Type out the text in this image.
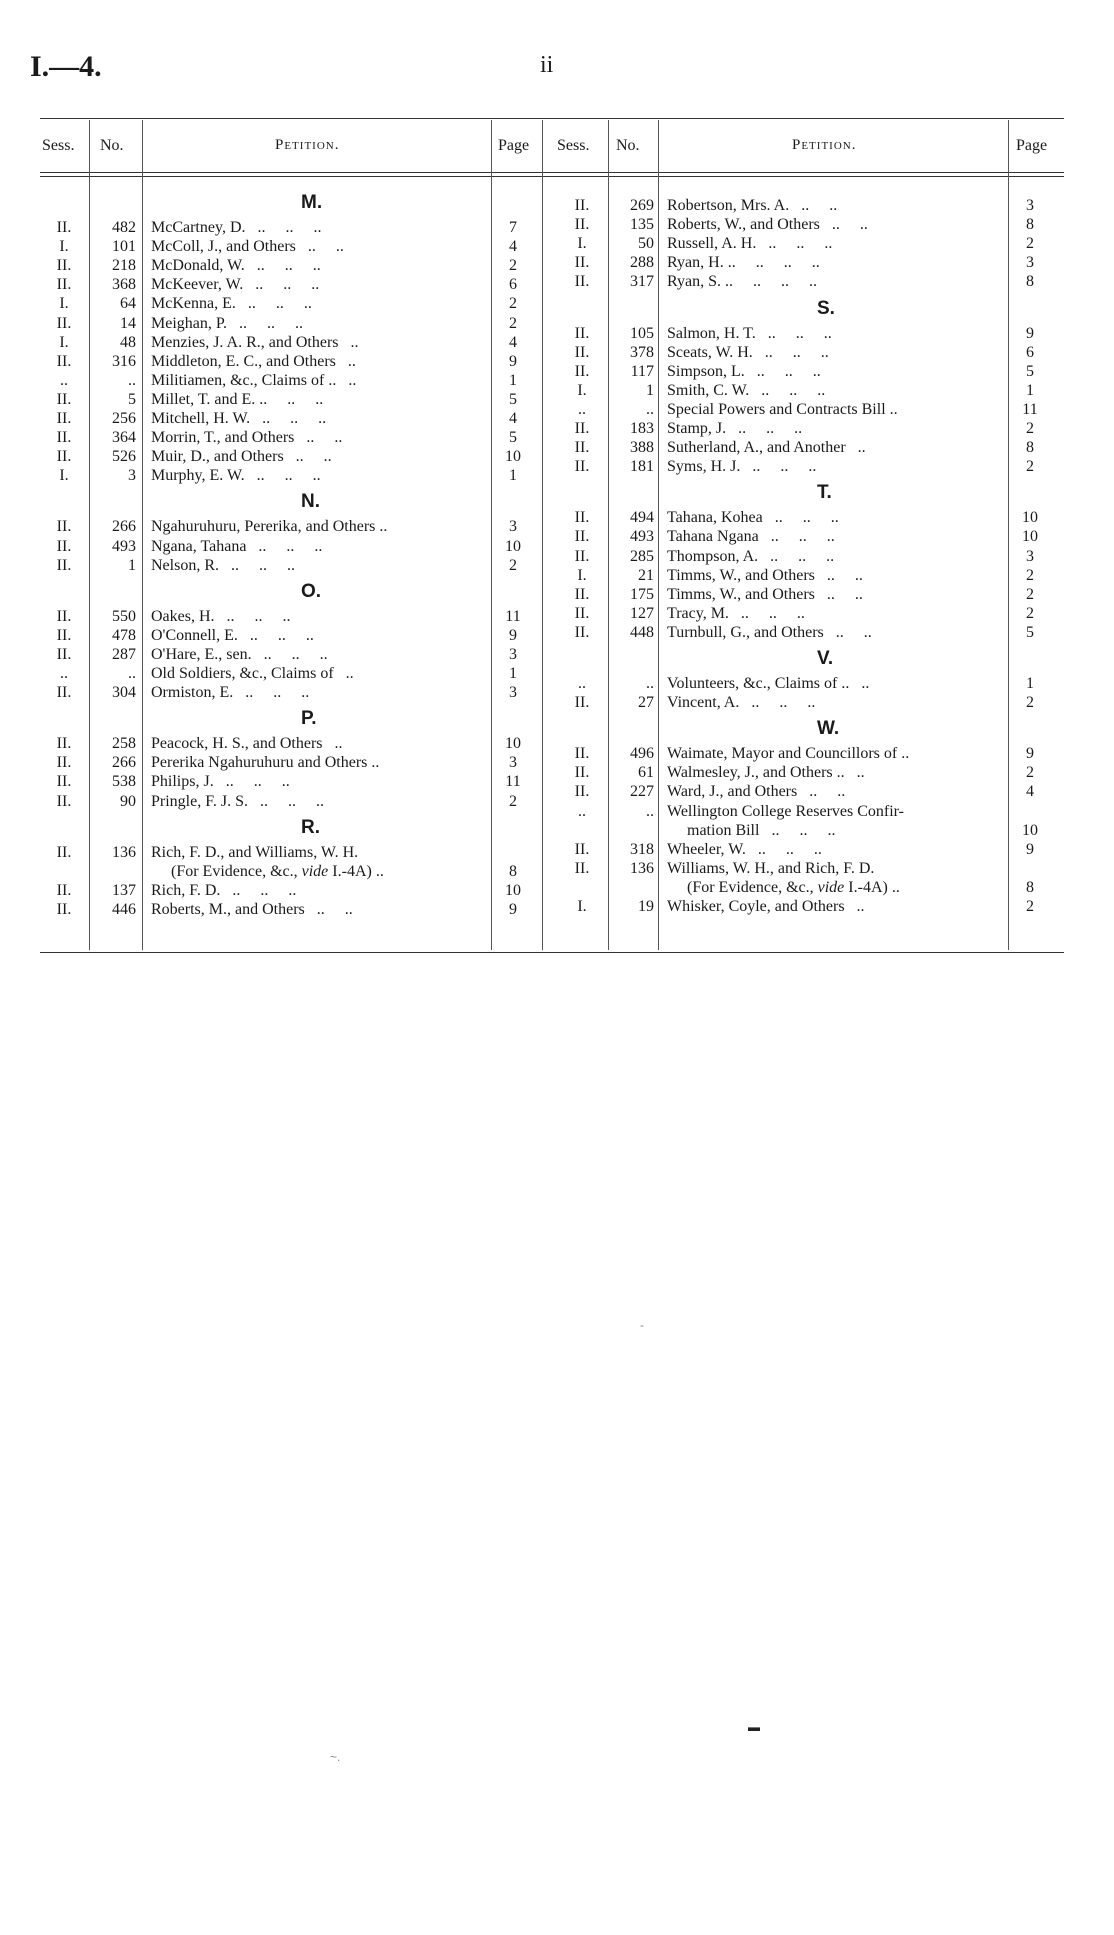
I.—4.	ii
Sess. No.	Petition.	Page Sess. No.	Petition.	Page
M.
II.	482 McCartney, D.   ..     ..     ..	7
I.	101 McColl, J., and Others   ..     ..	4
II.	218 McDonald, W.   ..     ..     ..	2
II.	368 McKeever, W.   ..     ..     ..	6
I.	64 McKenna, E.   ..     ..     ..	2
II.	14 Meighan, P.   ..     ..     ..	2
I.	48 Menzies, J. A. R., and Others   ..	4
II.	316 Middleton, E. C., and Others   ..	9
..	.. Militiamen, &c., Claims of ..   ..	1
II.	5 Millet, T. and E. ..     ..     ..	5
II.	256 Mitchell, H. W.   ..     ..     ..	4
II.	364 Morrin, T., and Others   ..     ..	5
II.	526 Muir, D., and Others   ..     ..	10
I.	3 Murphy, E. W.   ..     ..     ..	1
N.
II.	266 Ngahuruhuru, Pererika, and Others ..	3
II.	493 Ngana, Tahana   ..     ..     ..	10
II.	1 Nelson, R.   ..     ..     ..	2
O.
II.	550 Oakes, H.   ..     ..     ..	11
II.	478 O'Connell, E.   ..     ..     ..	9
II.	287 O'Hare, E., sen.   ..     ..     ..	3
..	.. Old Soldiers, &c., Claims of   ..	1
II.	304 Ormiston, E.   ..     ..     ..	3
P.
II.	258 Peacock, H. S., and Others   ..	10
II.	266 Pererika Ngahuruhuru and Others ..	3
II.	538 Philips, J.   ..     ..     ..	11
II.	90 Pringle, F. J. S.   ..     ..     ..	2
R.
II.	136 Rich, F. D., and Williams, W. H.
(For Evidence, &c., vide I.-4A) ..	8
II.	137 Rich, F. D.   ..     ..     ..	10
II.	446 Roberts, M., and Others   ..     ..	9
II.	269 Robertson, Mrs. A.   ..     ..	3
II.	135 Roberts, W., and Others   ..     ..	8
I.	50 Russell, A. H.   ..     ..     ..	2
II.	288 Ryan, H. ..     ..     ..     ..	3
II.	317 Ryan, S. ..     ..     ..     ..	8
S.
II.	105 Salmon, H. T.   ..     ..     ..	9
II.	378 Sceats, W. H.   ..     ..     ..	6
II.	117 Simpson, L.   ..     ..     ..	5
I.	1 Smith, C. W.   ..     ..     ..	1
..	.. Special Powers and Contracts Bill ..	11
II.	183 Stamp, J.   ..     ..     ..	2
II.	388 Sutherland, A., and Another   ..	8
II.	181 Syms, H. J.   ..     ..     ..	2
T.
II.	494 Tahana, Kohea   ..     ..     ..	10
II.	493 Tahana Ngana   ..     ..     ..	10
II.	285 Thompson, A.   ..     ..     ..	3
I.	21 Timms, W., and Others   ..     ..	2
II.	175 Timms, W., and Others   ..     ..	2
II.	127 Tracy, M.   ..     ..     ..	2
II.	448 Turnbull, G., and Others   ..     ..	5
V.
..	.. Volunteers, &c., Claims of ..   ..	1
II.	27 Vincent, A.   ..     ..     ..	2
W.
II.	496 Waimate, Mayor and Councillors of ..	9
II.	61 Walmesley, J., and Others ..   ..	2
II.	227 Ward, J., and Others   ..     ..	4
..	.. Wellington College Reserves Confir-
mation Bill   ..     ..     ..	10
II.	318 Wheeler, W.   ..     ..     ..	9
II.	136 Williams, W. H., and Rich, F. D.
(For Evidence, &c., vide I.-4A) ..	8
I.	19 Whisker, Coyle, and Others   ..	2
-
~.
▬
